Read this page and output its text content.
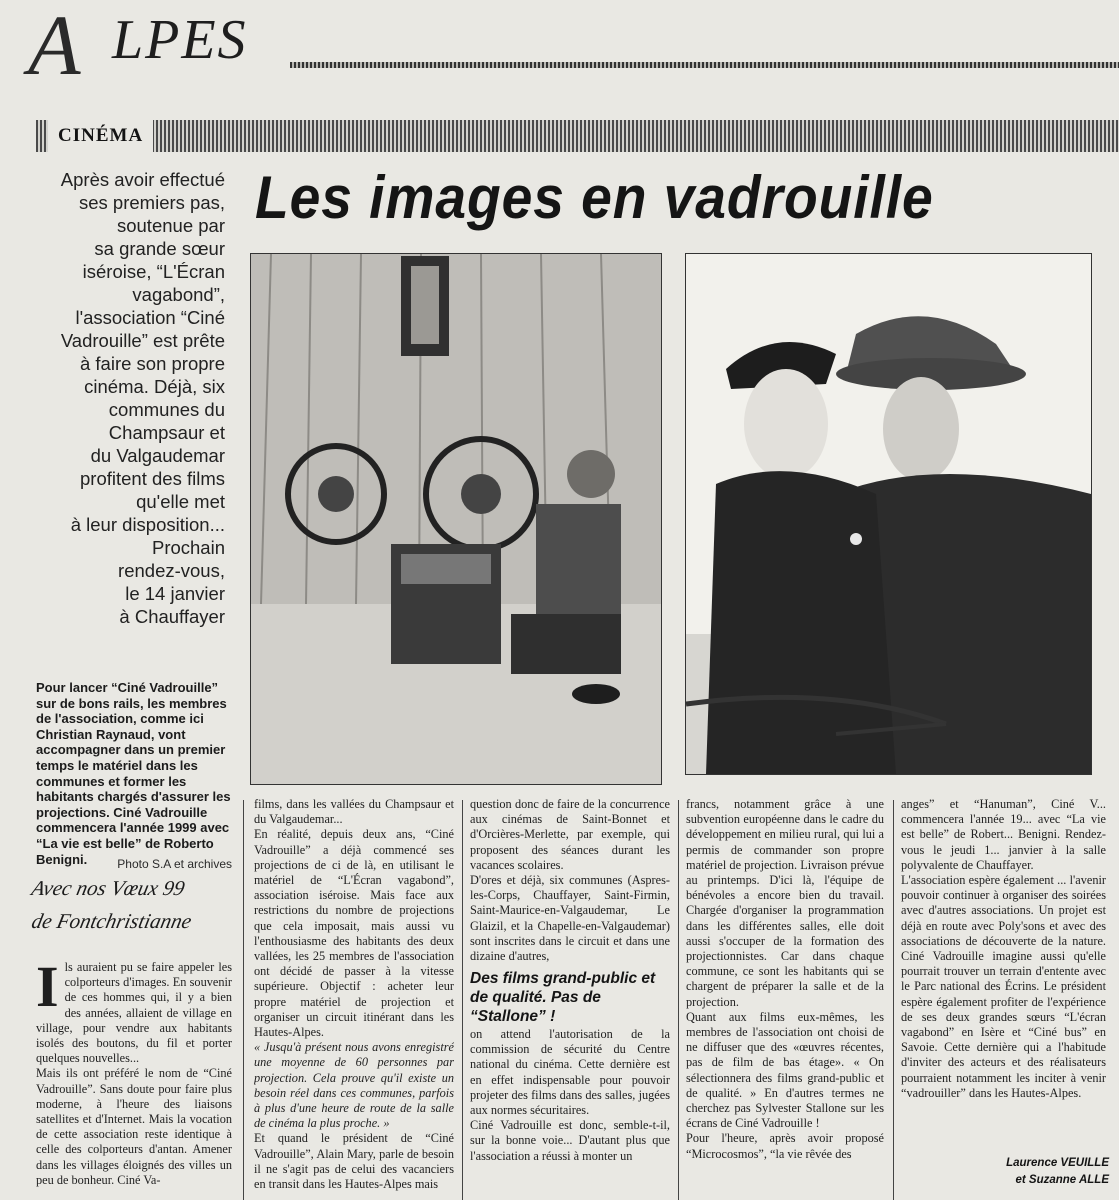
A LPES
CINÉMA
Les images en vadrouille
Après avoir effectué
ses premiers pas,
soutenue par
sa grande sœur
iséroise, “L'Écran
vagabond”,
l'association “Ciné
Vadrouille” est prête
à faire son propre
cinéma. Déjà, six
communes du
Champsaur et
du Valgaudemar
profitent des films
qu'elle met
à leur disposition...
Prochain
rendez-vous,
le 14 janvier
à Chauffayer
Pour lancer “Ciné Vadrouille” sur de bons rails, les membres de l'association, comme ici Christian Raynaud, vont accompagner dans un premier temps le matériel dans les communes et former les habitants chargés d'assurer les projections. Ciné Vadrouille commencera l'année 1999 avec “La vie est belle” de Roberto Benigni.	Photo S.A et archives
Avec nos Vœux 99
de Fontchristianne

Ils auraient pu se faire appeler les colporteurs d'images. En souvenir de ces hommes qui, il y a bien des années, allaient de village en village, pour vendre aux habitants isolés des boutons, du fil et porter quelques nouvelles...

Mais ils ont préféré le nom de “Ciné Vadrouille”. Sans doute pour faire plus moderne, à l'heure des liaisons satellites et d'Internet. Mais la vocation de cette association reste identique à celle des colporteurs d'antan. Amener dans les villages éloignés des villes un peu de bonheur. Ciné Va-

films, dans les vallées du Champsaur et du Valgaudemar...

En réalité, depuis deux ans, “Ciné Vadrouille” a déjà commencé ses projections de ci de là, en utilisant le matériel de “L'Écran vagabond”, association iséroise. Mais face aux restrictions du nombre de projections que cela imposait, mais aussi vu l'enthousiasme des habitants des deux vallées, les 25 membres de l'association ont décidé de passer à la vitesse supérieure. Objectif : acheter leur propre matériel de projection et organiser un circuit itinérant dans les Hautes-Alpes.

« Jusqu'à présent nous avons enregistré une moyenne de 60 personnes par projection. Cela prouve qu'il existe un besoin réel dans ces communes, parfois à plus d'une heure de route de la salle de cinéma la plus proche. »

Et quand le président de “Ciné Vadrouille”, Alain Mary, parle de besoin il ne s'agit pas de celui des vacanciers en transit dans les Hautes-Alpes mais

question donc de faire de la concurrence aux cinémas de Saint-Bonnet et d'Orcières-Merlette, par exemple, qui proposent des séances durant les vacances scolaires.

D'ores et déjà, six communes (Aspres-les-Corps, Chauffayer, Saint-Firmin, Saint-Maurice-en-Valgaudemar, Le Glaizil, et la Chapelle-en-Valgaudemar) sont inscrites dans le circuit et dans une dizaine d'autres,

Des films grand-public et de qualité. Pas de “Stallone” !

on attend l'autorisation de la commission de sécurité du Centre national du cinéma. Cette dernière est en effet indispensable pour pouvoir projeter des films dans des salles, jugées aux normes sécuritaires.

Ciné Vadrouille est donc, semble-t-il, sur la bonne voie... D'autant plus que l'association a réussi à monter un

francs, notamment grâce à une subvention européenne dans le cadre du développement en milieu rural, qui lui a permis de commander son propre matériel de projection. Livraison prévue au printemps. D'ici là, l'équipe de bénévoles a encore bien du travail. Chargée d'organiser la programmation dans les différentes salles, elle doit aussi s'occuper de la formation des projectionnistes. Car dans chaque commune, ce sont les habitants qui se chargent de préparer la salle et de la projection.

Quant aux films eux-mêmes, les membres de l'association ont choisi de ne diffuser que des «œuvres récentes, pas de film de bas étage». « On sélectionnera des films grand-public et de qualité. » En d'autres termes ne cherchez pas Sylvester Stallone sur les écrans de Ciné Vadrouille !

Pour l'heure, après avoir proposé “Microcosmos”, “la vie rêvée des

anges” et “Hanuman”, Ciné V... commencera l'année 19... avec “La vie est belle” de Robert... Benigni. Rendez-vous le jeudi 1... janvier à la salle polyvalente de Chauffayer.

L'association espère également ... l'avenir pouvoir continuer à organiser des soirées avec d'autres associations. Un projet est déjà en route avec Poly'sons et avec des associations de découverte de la nature. Ciné Vadrouille imagine aussi qu'elle pourrait trouver un terrain d'entente avec le Parc national des Écrins. Le président espère également profiter de l'expérience de ses deux grandes sœurs “L'écran vagabond” en Isère et “Ciné bus” en Savoie. Cette dernière qui a l'habitude d'inviter des acteurs et des réalisateurs pourraient notamment les inciter à venir “vadrouiller” dans les Hautes-Alpes.

Laurence VEUILLE
et Suzanne ALLE
